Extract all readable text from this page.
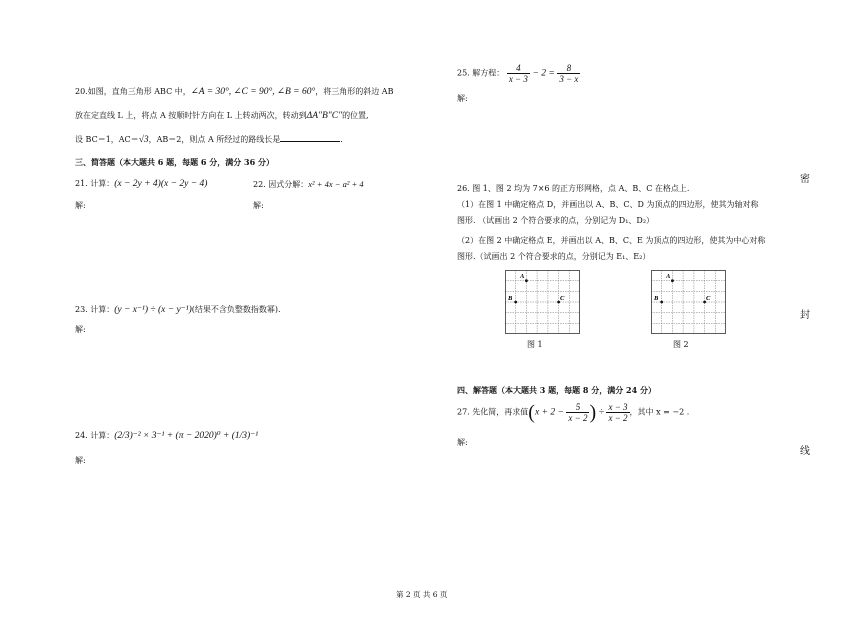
20.如图，直角三角形 ABC 中，∠A = 30°, ∠C = 90°, ∠B = 60°，将三角形的斜边 AB
放在定直线 L 上，将点 A 按顺时针方向在 L 上转动两次，转动到ΔA″B″C″的位置,
设 BC＝1，AC＝√3，AB＝2，则点 A 所经过的路线长是	.
三、简答题（本大题共 6 题，每题 6 分，满分 36 分）
21. 计算：(x − 2y + 4)(x − 2y − 4)
解:
22. 因式分解：x² + 4x − a² + 4
解:
23. 计算：(y − x⁻¹) ÷ (x − y⁻¹)(结果不含负整数指数幂).
解:
24. 计算：(2/3)⁻² × 3⁻¹ + (π − 2020)⁰ + (1/3)⁻¹
解:
25. 解方程： $\frac{4}{x - 3} - 2 = \frac{8}{3 - x}$
解:
26. 图 1、图 2 均为 7×6 的正方形网格，点 A、B、C 在格点上.
（1）在图 1 中确定格点 D，并画出以 A、B、C、D 为顶点的四边形，使其为轴对称
图形. （试画出 2 个符合要求的点，分别记为 D₁、D₂）
（2）在图 2 中确定格点 E，并画出以 A、B、C、E 为顶点的四边形，使其为中心对称
图形.（试画出 2 个符合要求的点，分别记为 E₁、E₂）
A
B	C
图 1
A
B	C
图 2
四、解答题（本大题共 3 题，每题 8 分，满分 24 分）
27. 先化简，再求值($x + 2 - \frac{5}{x - 2}$ ) ÷ $\frac{x - 3}{x - 2}$ ，其中 x = −2 .
解:
密
封
线
第 2 页 共 6 页
